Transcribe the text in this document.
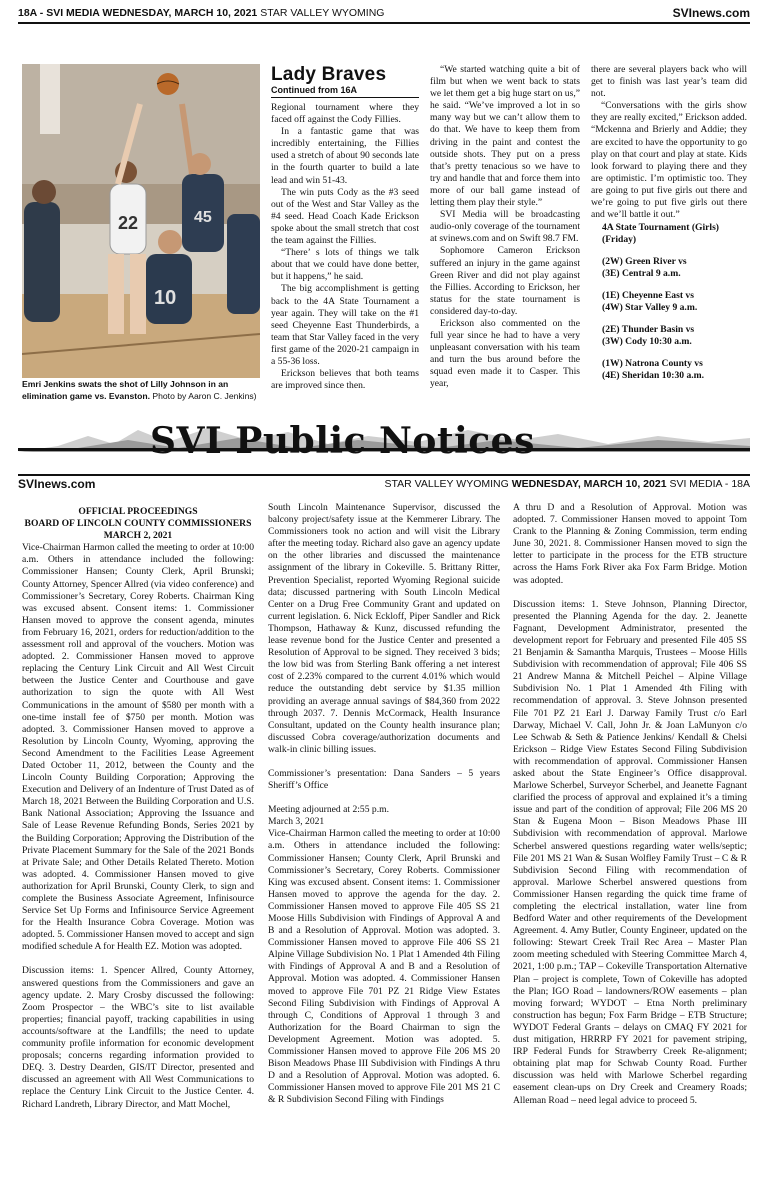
18A - SVI MEDIA WEDNESDAY, MARCH 10, 2021 STAR VALLEY WYOMING	SVInews.com
22
10
45
Emri Jenkins swats the shot of Lilly Johnson in an elimination game vs. Evanston. Photo by Aaron C. Jenkins)
Lady Braves
Continued from 16A

Regional tournament where they faced off against the Cody Fillies.

In a fantastic game that was incredibly entertaining, the Fillies used a stretch of about 90 seconds late in the fourth quarter to build a late lead and win 51-43.

The win puts Cody as the #3 seed out of the West and Star Valley as the #4 seed. Head Coach Kade Erickson spoke about the small stretch that cost the team against the Fillies.

“There’ s lots of things we talk about that we could have done better, but it happens,” he said.

The big accomplishment is getting back to the 4A State Tournament a year again. They will take on the #1 seed Cheyenne East Thunderbirds, a team that Star Valley faced in the very first game of the 2020-21 campaign in a 55-36 loss.

Erickson believes that both teams are improved since then.

“We started watching quite a bit of film but when we went back to stats we let them get a big huge start on us,” he said. “We’ve improved a lot in so many way but we can’t allow them to do that. We have to keep them from driving in the paint and contest the outside shots. They put on a press that’s pretty tenacious so we have to try and handle that and force them into more of our ball game instead of letting them play their style.”

SVI Media will be broadcasting audio-only coverage of the tournament at svinews.com and on Swift 98.7 FM.

Sophomore Cameron Erickson suffered an injury in the game against Green River and did not play against the Fillies. According to Erickson, her status for the state tournament is considered day-to-day.

Erickson also commented on the full year since he had to have a very unpleasant conversation with his team and turn the bus around before the squad even made it to Casper. This year,

there are several players back who will get to finish was last year’s team did not.

“Conversations with the girls show they are really excited,” Erickson added. “Mckenna and Brierly and Addie; they are excited to have the opportunity to go play on that court and play at state. Kids look forward to playing there and they are optimistic. I’m optimistic too. They are going to put five girls out there and we’re going to put five girls out there and we’ll battle it out.”

4A State Tournament (Girls)
(Friday)
(2W) Green River vs
(3E) Central 9 a.m.
(1E) Cheyenne East vs
(4W) Star Valley 9 a.m.
(2E) Thunder Basin vs
(3W) Cody 10:30 a.m.
(1W) Natrona County vs
(4E) Sheridan 10:30 a.m.
SVI Public Notices
SVInews.com	STAR VALLEY WYOMING WEDNESDAY, MARCH 10, 2021 SVI MEDIA - 18A
OFFICIAL PROCEEDINGS
BOARD OF LINCOLN COUNTY COMMISSIONERS
MARCH 2, 2021

Vice-Chairman Harmon called the meeting to order at 10:00 a.m. Others in attendance included the following: Commissioner Hansen; County Clerk, April Brunski; County Attorney, Spencer Allred (via video conference) and Commissioner’s Secretary, Corey Roberts. Chairman King was excused absent. Consent items: 1. Commissioner Hansen moved to approve the consent agenda, minutes from February 16, 2021, orders for reduction/addition to the assessment roll and approval of the vouchers. Motion was adopted. 2. Commissioner Hansen moved to approve replacing the Century Link Circuit and All West Circuit between the Justice Center and Courthouse and gave authorization to sign the quote with All West Communications in the amount of $580 per month with a one-time install fee of $750 per month. Motion was adopted. 3. Commissioner Hansen moved to approve a Resolution by Lincoln County, Wyoming, approving the Second Amendment to the Facilities Lease Agreement Dated October 11, 2012, between the County and the Lincoln County Building Corporation; Approving the Execution and Delivery of an Indenture of Trust Dated as of March 18, 2021 Between the Building Corporation and U.S. Bank National Association; Approving the Issuance and Sale of Lease Revenue Refunding Bonds, Series 2021 by the Building Corporation; Approving the Distribution of the Private Placement Summary for the Sale of the 2021 Bonds at Private Sale; and Other Details Related Thereto. Motion was adopted. 4. Commissioner Hansen moved to give authorization for April Brunski, County Clerk, to sign and complete the Business Associate Agreement, Infinisource Service Set Up Forms and Infinisource Service Agreement for the Health Insurance Cobra Coverage. Motion was adopted. 5. Commissioner Hansen moved to accept and sign modified schedule A for Health EZ. Motion was adopted.

Discussion items: 1. Spencer Allred, County Attorney, answered questions from the Commissioners and gave an agency update. 2. Mary Crosby discussed the following: Zoom Prospector – the WBC’s site to list available properties; financial payoff, tracking capabilities in using accounts/software at the Landfills; the need to update community profile information for economic development proposals; concerns regarding information provided to DEQ. 3. Destry Dearden, GIS/IT Director, presented and discussed an agreement with All West Communications to replace the Century Link Circuit to the Justice Center. 4. Richard Landreth, Library Director, and Matt Mochel,

South Lincoln Maintenance Supervisor, discussed the balcony project/safety issue at the Kemmerer Library. The Commissioners took no action and will visit the Library after the meeting today. Richard also gave an agency update on the other libraries and discussed the maintenance assignment of the library in Cokeville. 5. Brittany Ritter, Prevention Specialist, reported Wyoming Regional suicide data; discussed partnering with South Lincoln Medical Center on a Drug Free Community Grant and updated on current legislation. 6. Nick Eckloff, Piper Sandler and Rick Thompson, Hathaway & Kunz, discussed refunding the lease revenue bond for the Justice Center and presented a Resolution of Approval to be signed. They received 3 bids; the low bid was from Sterling Bank offering a net interest cost of 2.23% compared to the current 4.01% which would reduce the outstanding debt service by $1.35 million providing an average annual savings of $84,360 from 2022 through 2037. 7. Dennis McCormack, Health Insurance Consultant, updated on the County health insurance plan; discussed Cobra coverage/authorization documents and walk-in clinic billing issues.

Commissioner’s presentation: Dana Sanders – 5 years Sheriff’s Office

Meeting adjourned at 2:55 p.m.
March 3, 2021
Vice-Chairman Harmon called the meeting to order at 10:00 a.m. Others in attendance included the following: Commissioner Hansen; County Clerk, April Brunski and Commissioner’s Secretary, Corey Roberts. Commissioner King was excused absent. Consent items: 1. Commissioner Hansen moved to approve the agenda for the day. 2. Commissioner Hansen moved to approve File 405 SS 21 Moose Hills Subdivision with Findings of Approval A and B and a Resolution of Approval. Motion was adopted. 3. Commissioner Hansen moved to approve File 406 SS 21 Alpine Village Subdivision No. 1 Plat 1 Amended 4th Filing with Findings of Approval A and B and a Resolution of Approval. Motion was adopted. 4. Commissioner Hansen moved to approve File 701 PZ 21 Ridge View Estates Second Filing Subdivision with Findings of Approval A through C, Conditions of Approval 1 through 3 and Authorization for the Board Chairman to sign the Development Agreement. Motion was adopted. 5. Commissioner Hansen moved to approve File 206 MS 20 Bison Meadows Phase III Subdivision with Findings A thru D and a Resolution of Approval. Motion was adopted. 6. Commissioner Hansen moved to approve File 201 MS 21 C & R Subdivision Second Filing with Findings

A thru D and a Resolution of Approval. Motion was adopted. 7. Commissioner Hansen moved to appoint Tom Crank to the Planning & Zoning Commission, term ending June 30, 2021. 8. Commissioner Hansen moved to sign the letter to participate in the process for the ETB structure across the Hams Fork River aka Fox Farm Bridge. Motion was adopted.

Discussion items: 1. Steve Johnson, Planning Director, presented the Planning Agenda for the day. 2. Jeanette Fagnant, Development Administrator, presented the development report for February and presented File 405 SS 21 Benjamin & Samantha Marquis, Trustees – Moose Hills Subdivision with recommendation of approval; File 406 SS 21 Andrew Manna & Mitchell Peichel – Alpine Village Subdivision No. 1 Plat 1 Amended 4th Filing with recommendation of approval. 3. Steve Johnson presented File 701 PZ 21 Earl J. Darway Family Trust c/o Earl Darway, Michael V. Call, John Jr. & Joan LaMunyon c/o Lee Schwab & Seth & Patience Jenkins/ Kendall & Chelsi Erickson – Ridge View Estates Second Filing Subdivision with recommendation of approval. Commissioner Hansen asked about the State Engineer’s Office disapproval. Marlowe Scherbel, Surveyor Scherbel, and Jeanette Fagnant clarified the process of approval and explained it’s a timing issue and part of the condition of approval; File 206 MS 20 Stan & Eugena Moon – Bison Meadows Phase III Subdivision with recommendation of approval. Marlowe Scherbel answered questions regarding water wells/septic; File 201 MS 21 Wan & Susan Wolfley Family Trust – C & R Subdivision Second Filing with recommendation of approval. Marlowe Scherbel answered questions from Commissioner Hansen regarding the quick time frame of completing the electrical installation, water line from Bedford Water and other requirements of the Development Agreement. 4. Amy Butler, County Engineer, updated on the following: Stewart Creek Trail Rec Area – Master Plan zoom meeting scheduled with Steering Committee March 4, 2021, 1:00 p.m.; TAP – Cokeville Transportation Alternative Plan – project is complete, Town of Cokeville has adopted the Plan; IGO Road – landowners/ROW easements – plan moving forward; WYDOT – Etna North preliminary construction has begun; Fox Farm Bridge – ETB Structure; WYDOT Federal Grants – delays on CMAQ FY 2021 for dust mitigation, HRRRP FY 2021 for pavement striping, IRP Federal Funds for Strawberry Creek Re-alignment; obtaining plat map for Schwab County Road. Further discussion was held with Marlowe Scherbel regarding easement clean-ups on Dry Creek and Creamery Roads; Alleman Road – need legal advice to proceed 5.
